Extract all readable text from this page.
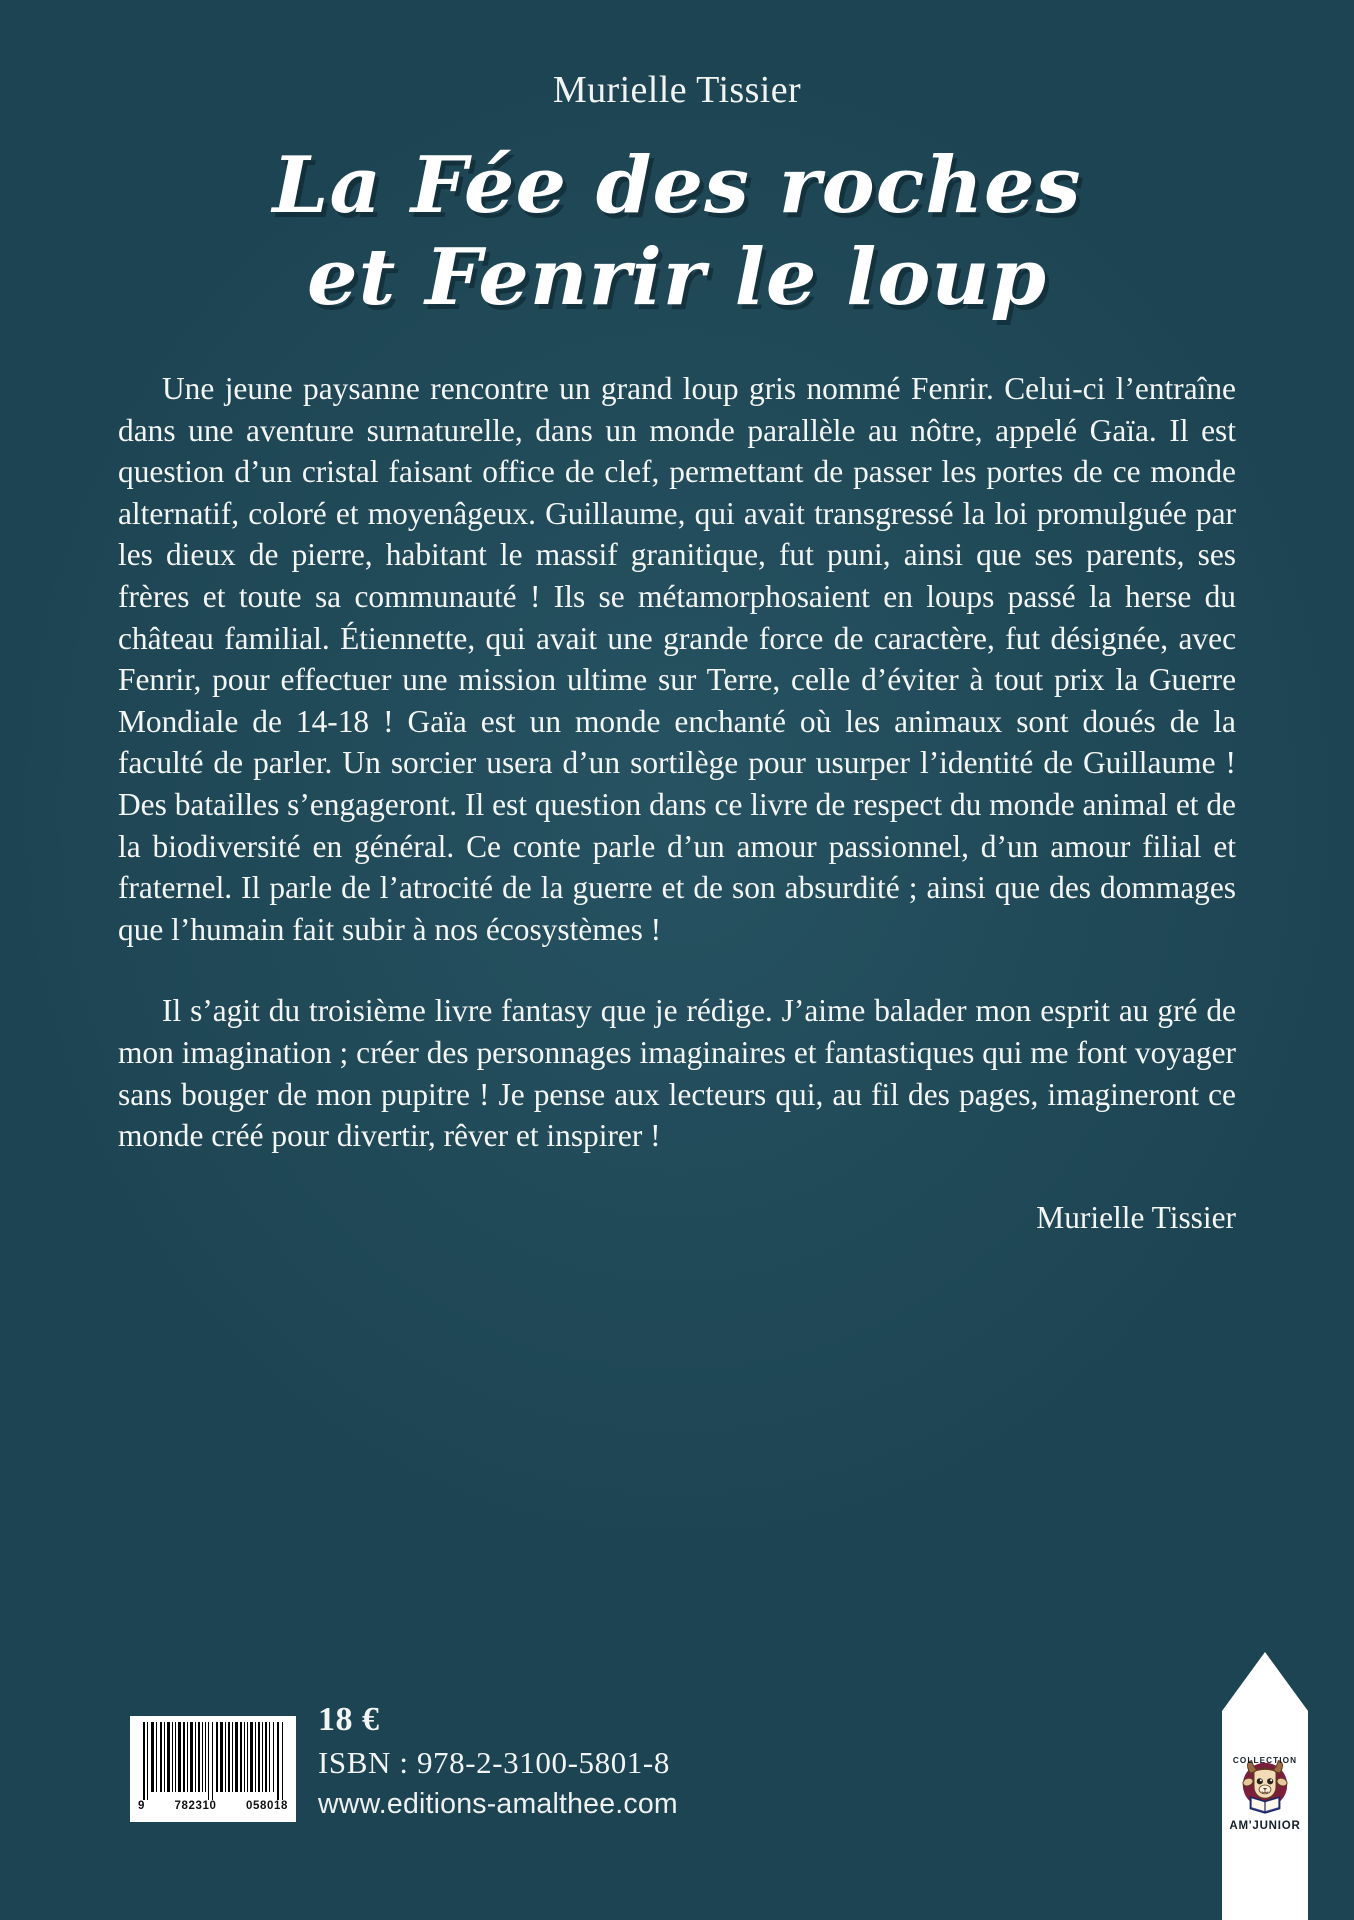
Murielle Tissier
La Fée des roches
et Fenrir le loup

Une jeune paysanne rencontre un grand loup gris nommé Fenrir. Celui-ci l’entraîne dans une aventure surnaturelle, dans un monde parallèle au nôtre, appelé Gaïa. Il est question d’un cristal faisant office de clef, permettant de passer les portes de ce monde alternatif, coloré et moyenâgeux. Guillaume, qui avait transgressé la loi promulguée par les dieux de pierre, habitant le massif granitique, fut puni, ainsi que ses parents, ses frères et toute sa communauté ! Ils se métamorphosaient en loups passé la herse du château familial. Étiennette, qui avait une grande force de caractère, fut désignée, avec Fenrir, pour effectuer une mission ultime sur Terre, celle d’éviter à tout prix la Guerre Mondiale de 14-18 ! Gaïa est un monde enchanté où les animaux sont doués de la faculté de parler. Un sorcier usera d’un sortilège pour usurper l’identité de Guillaume ! Des batailles s’engageront. Il est question dans ce livre de respect du monde animal et de la biodiversité en général. Ce conte parle d’un amour passionnel, d’un amour filial et fraternel. Il parle de l’atrocité de la guerre et de son absurdité ; ainsi que des dommages que l’humain fait subir à nos écosystèmes !

Il s’agit du troisième livre fantasy que je rédige. J’aime balader mon esprit au gré de mon imagination ; créer des personnages imaginaires et fantastiques qui me font voyager sans bouger de mon pupitre ! Je pense aux lecteurs qui, au fil des pages, imagineront ce monde créé pour divertir, rêver et inspirer !

Murielle Tissier

9	782310	058018
18 €
ISBN : 978-2-3100-5801-8
www.editions-amalthee.com
COLLECTION
AM'JUNIOR
